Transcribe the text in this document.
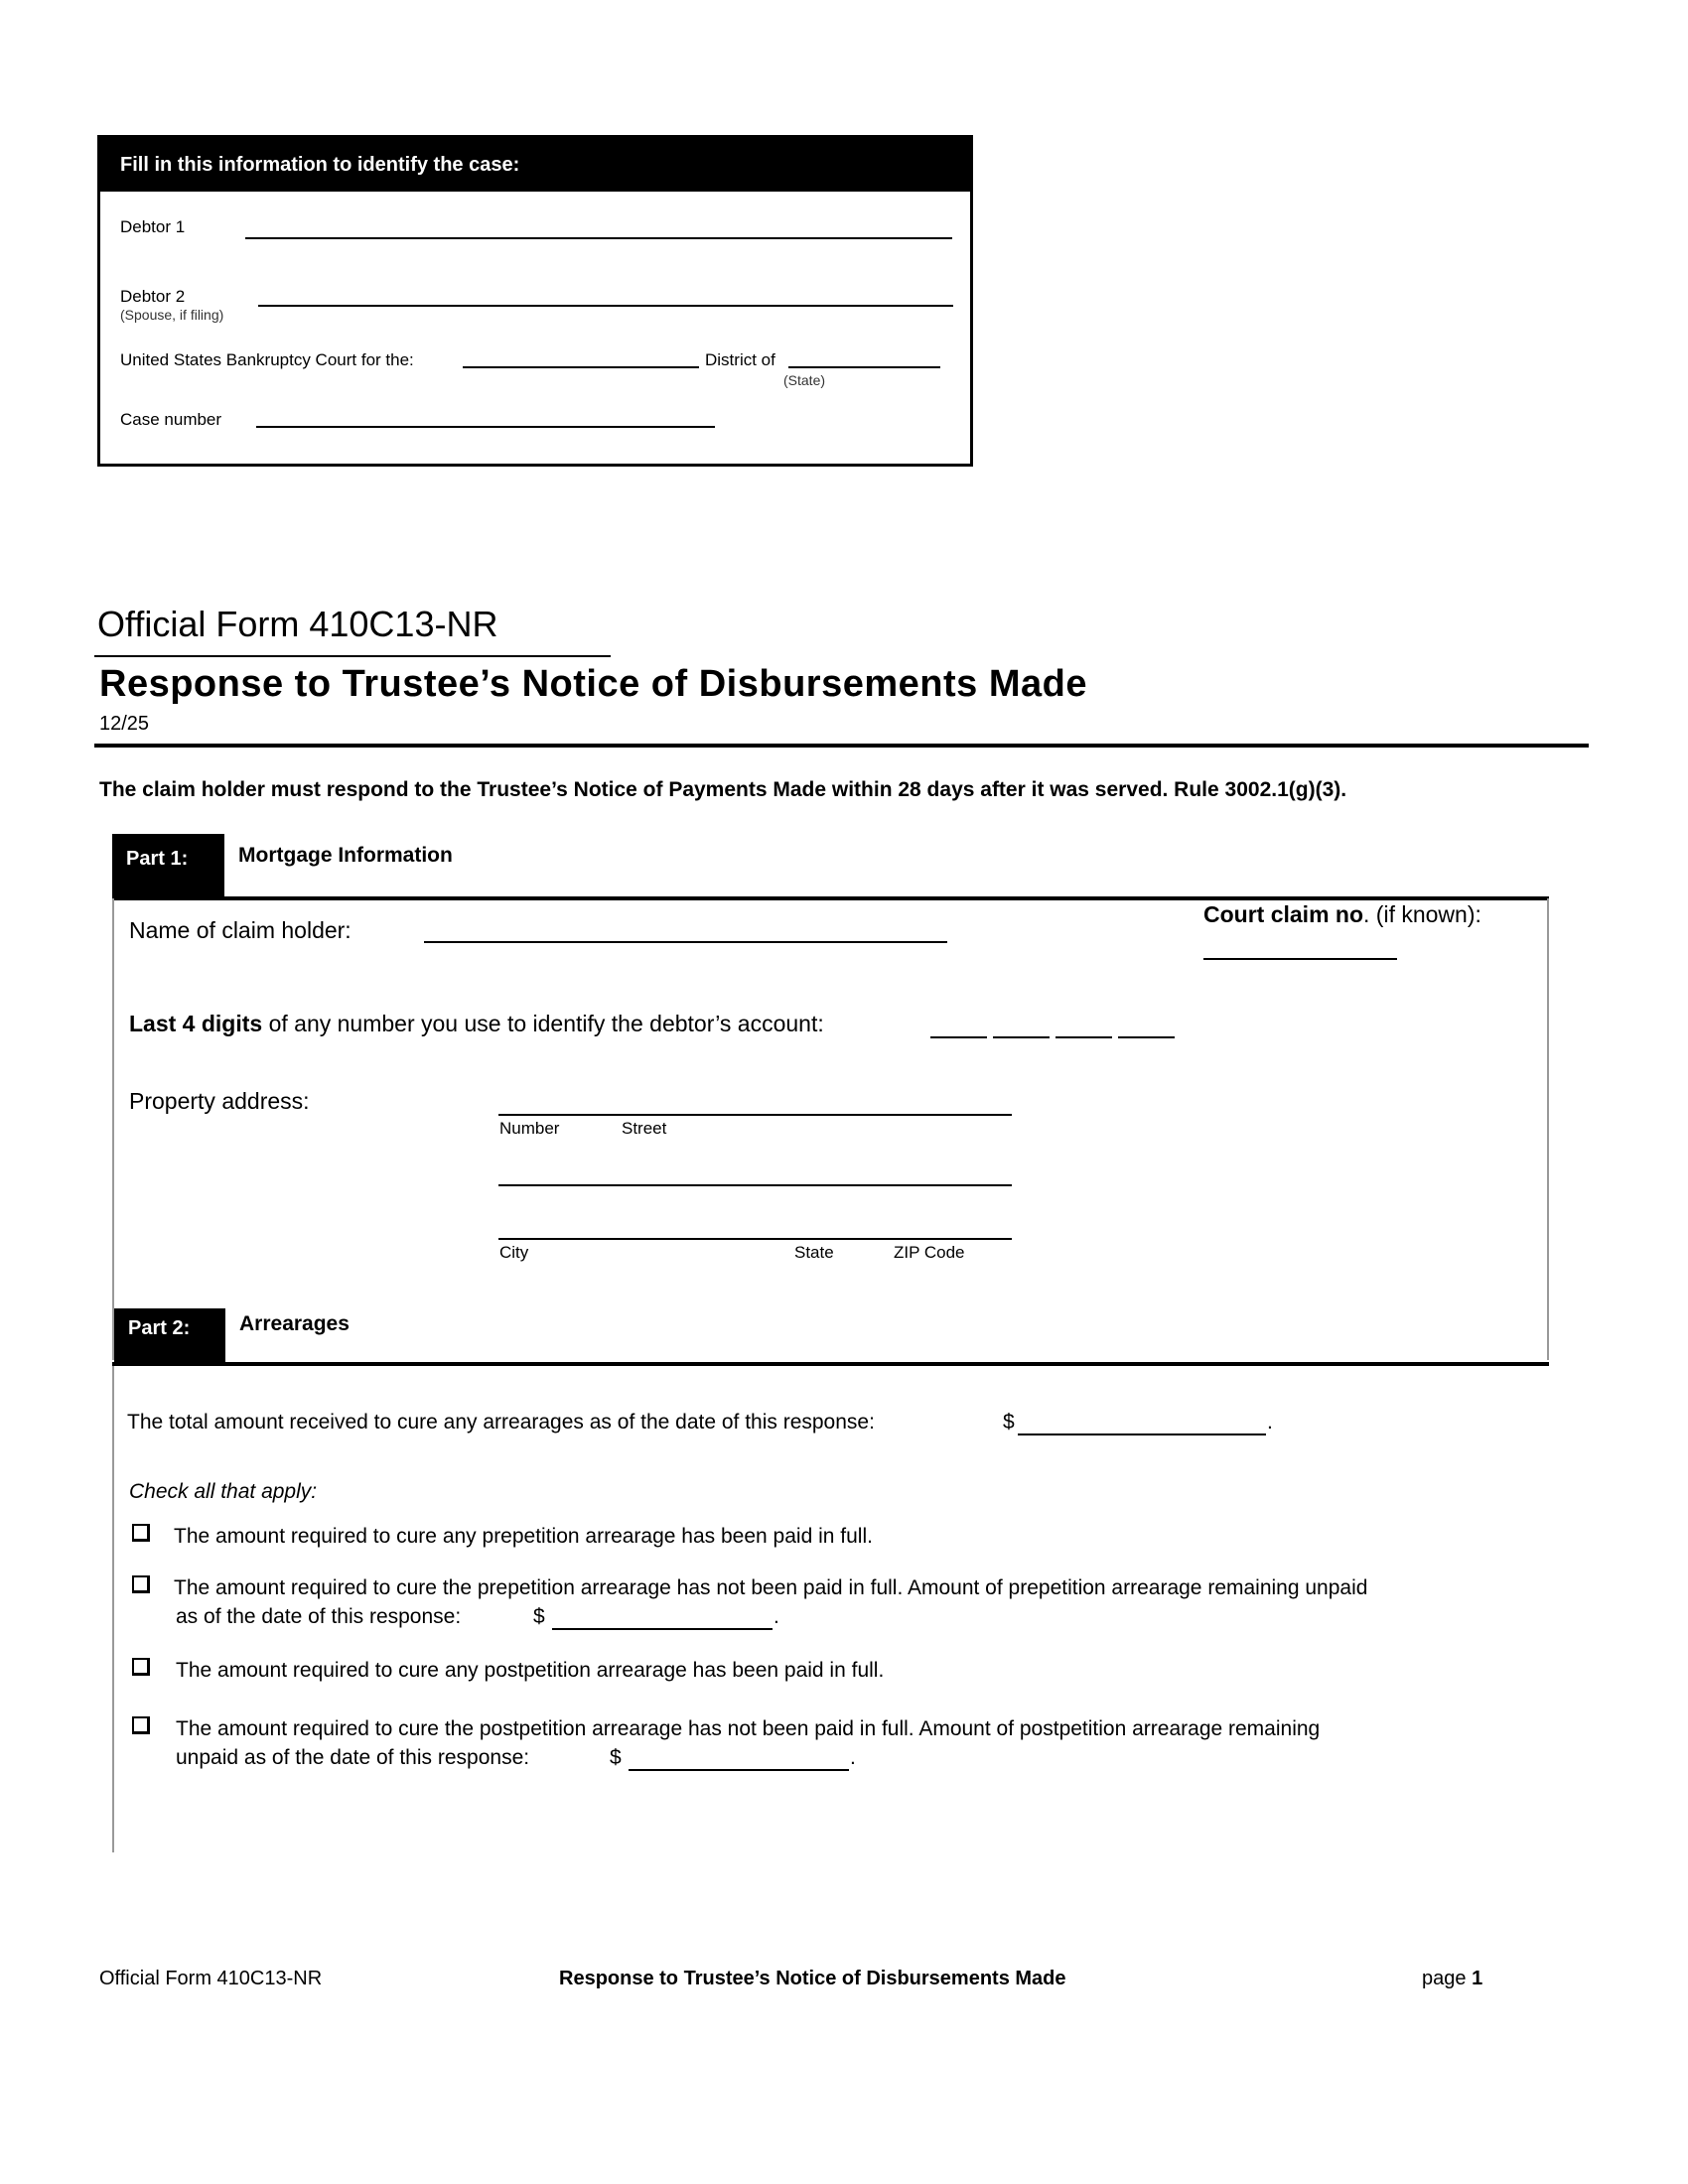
Fill in this information to identify the case:
Debtor 1
Debtor 2
(Spouse, if filing)
United States Bankruptcy Court for the:	District of
(State)
Case number
Official Form 410C13-NR
Response to Trustee’s Notice of Disbursements Made
12/25
The claim holder must respond to the Trustee’s Notice of Payments Made within 28 days after it was served. Rule 3002.1(g)(3).
Part 1:	Mortgage Information
Name of claim holder:
Court claim no. (if known):
Last 4 digits of any number you use to identify the debtor’s account:
Property address:
Number	Street
City	State	ZIP Code
Part 2:	Arrearages
The total amount received to cure any arrearages as of the date of this response:	$	.
Check all that apply:
The amount required to cure any prepetition arrearage has been paid in full.
The amount required to cure the prepetition arrearage has not been paid in full. Amount of prepetition arrearage remaining unpaid
as of the date of this response:	$	.
The amount required to cure any postpetition arrearage has been paid in full.
The amount required to cure the postpetition arrearage has not been paid in full. Amount of postpetition arrearage remaining
unpaid as of the date of this response:	$	.
Official Form 410C13-NR	Response to Trustee’s Notice of Disbursements Made	page 1
